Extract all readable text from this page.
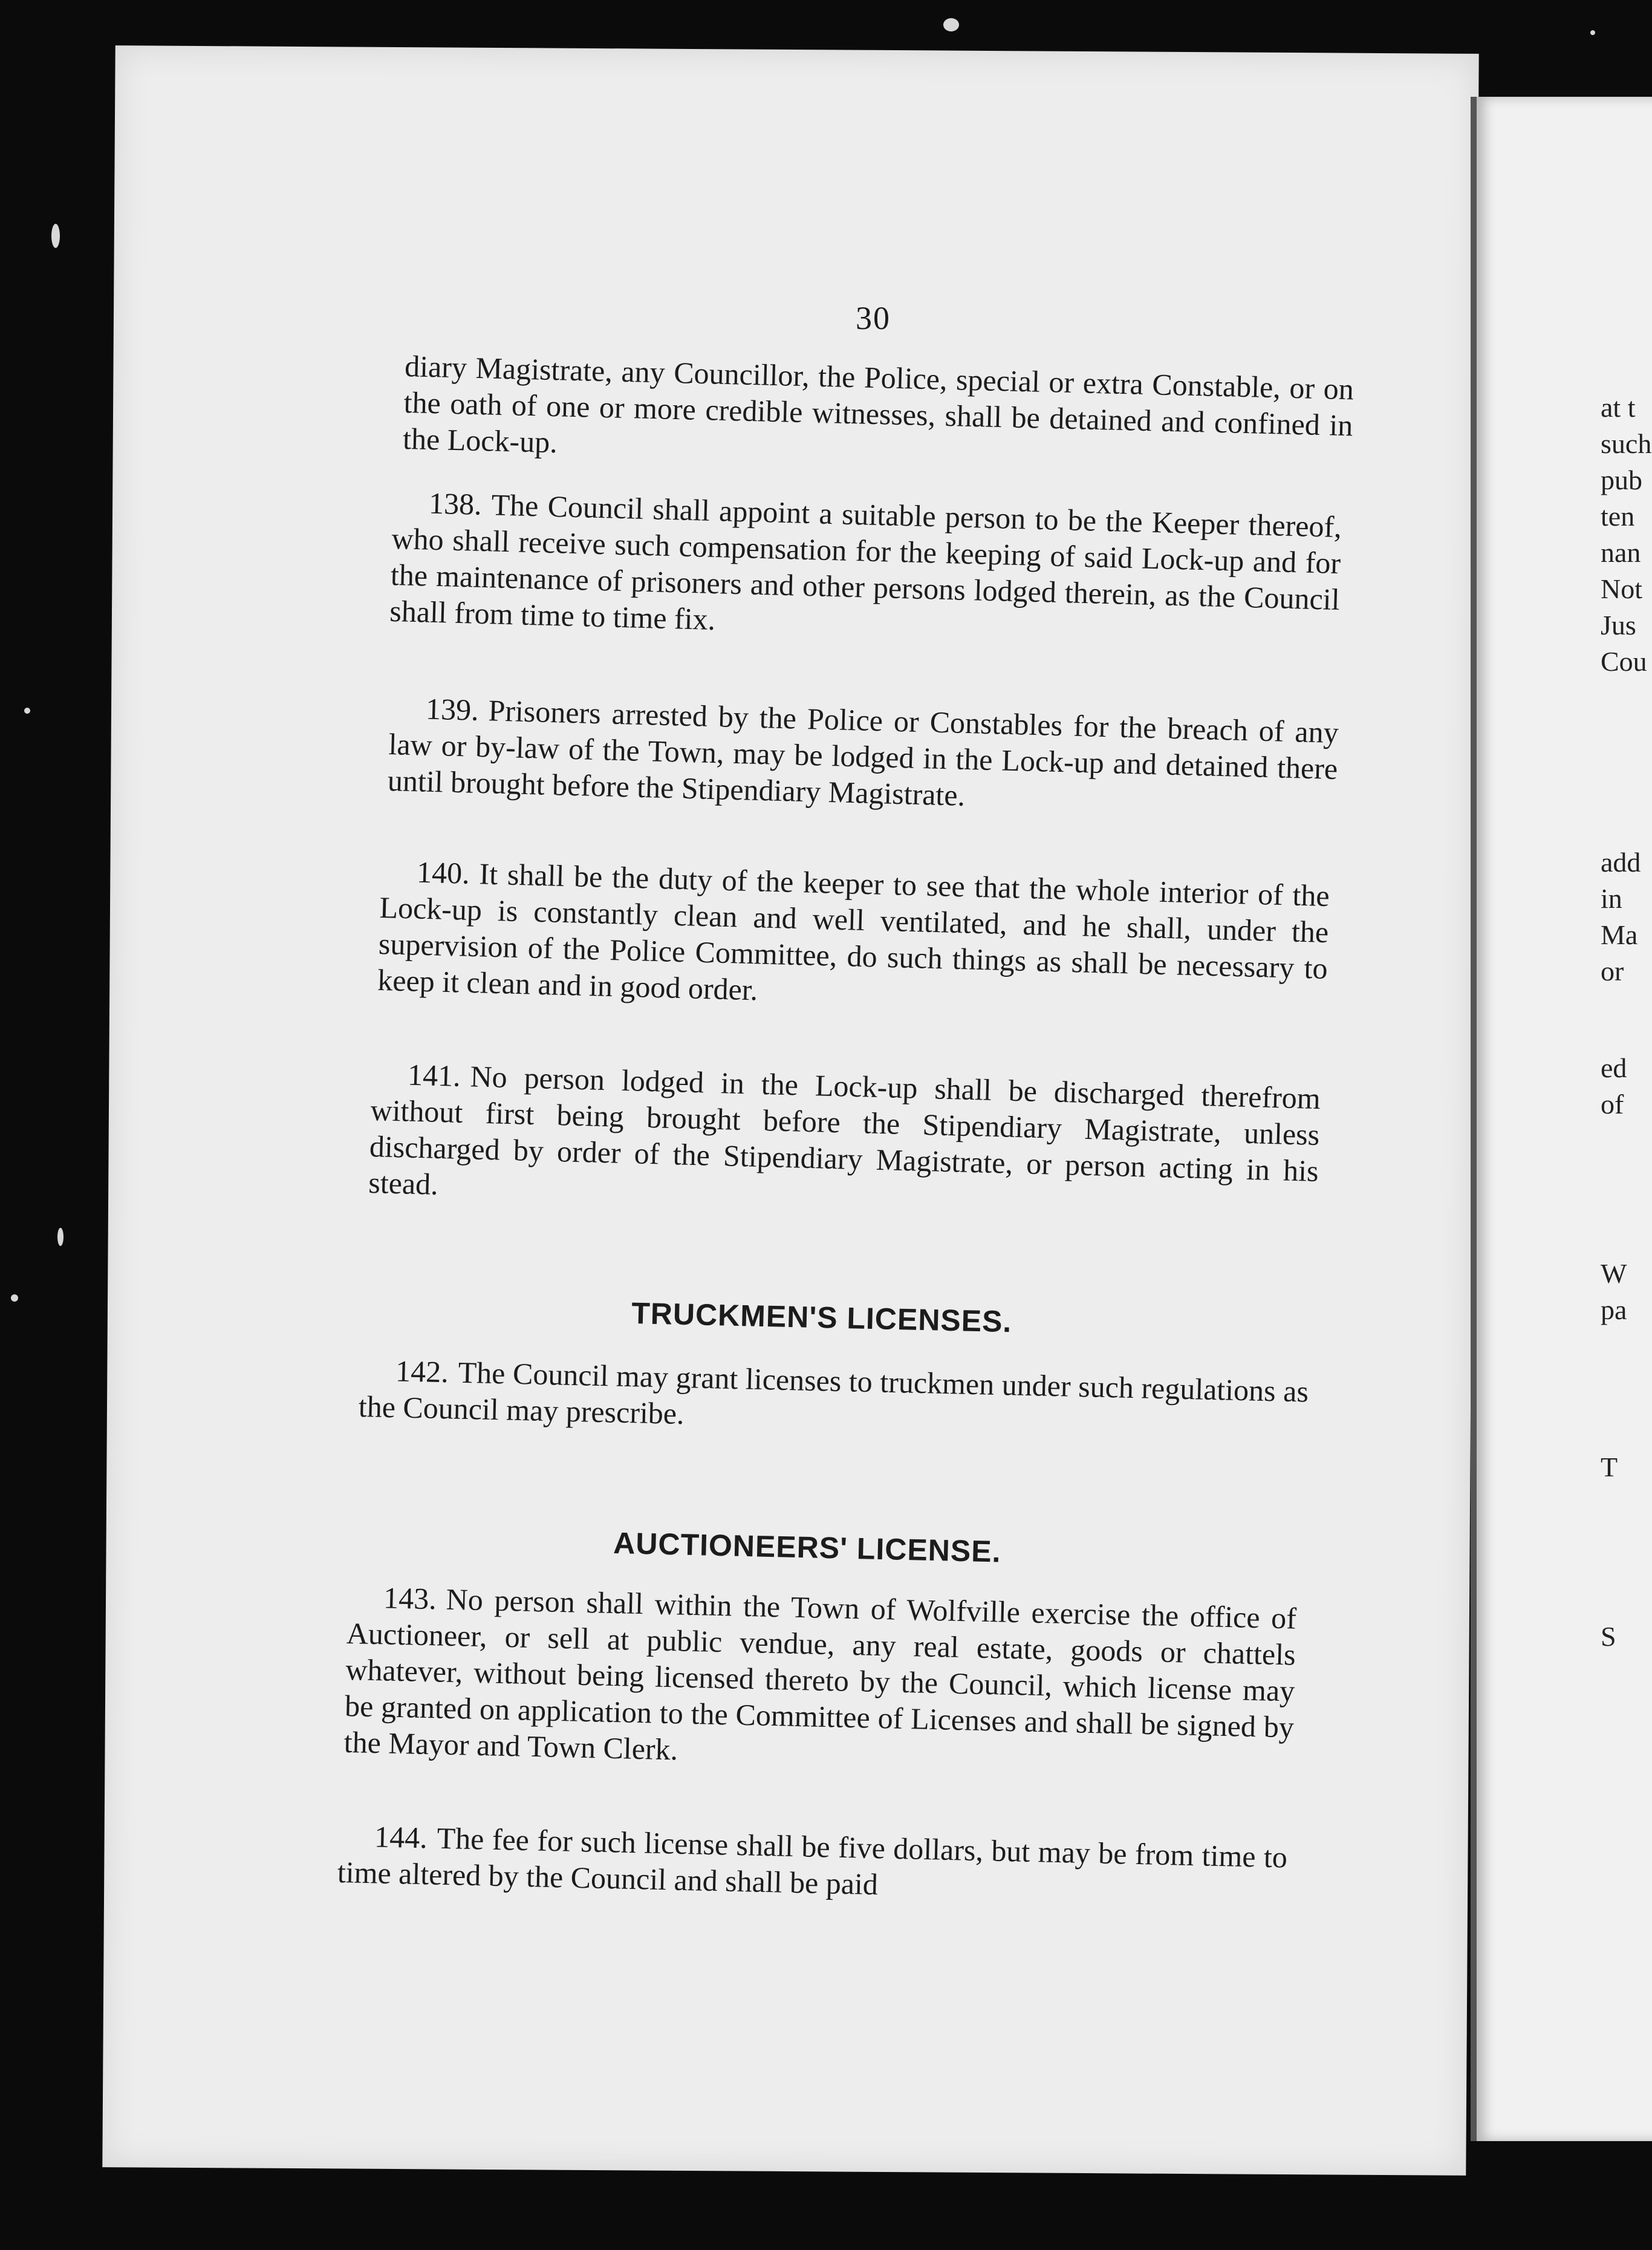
at t
such
pub
ten
nan
Not
Jus
Cou
add
in
Ma
or
ed
of
W
pa
T
S
30
diary Magistrate, any Councillor, the Police, special or extra Constable, or on the oath of one or more credible witnesses, shall be detained and confined in the Lock-up.
138. The Council shall appoint a suitable person to be the Keeper thereof, who shall receive such compensation for the keeping of said Lock-up and for the maintenance of prisoners and other persons lodged therein, as the Council shall from time to time fix.
139. Prisoners arrested by the Police or Constables for the breach of any law or by-law of the Town, may be lodged in the Lock-up and detained there until brought before the Stipendiary Magistrate.
140. It shall be the duty of the keeper to see that the whole interior of the Lock-up is constantly clean and well ventilated, and he shall, under the supervision of the Police Committee, do such things as shall be necessary to keep it clean and in good order.
141. No person lodged in the Lock-up shall be discharged therefrom without first being brought before the Stipendiary Magistrate, unless discharged by order of the Stipendiary Magistrate, or person acting in his stead.
TRUCKMEN'S LICENSES.
142. The Council may grant licenses to truckmen under such regulations as the Council may prescribe.
AUCTIONEERS' LICENSE.
143. No person shall within the Town of Wolfville exercise the office of Auctioneer, or sell at public vendue, any real estate, goods or chattels whatever, without being licensed thereto by the Council, which license may be granted on application to the Committee of Licenses and shall be signed by the Mayor and Town Clerk.
144. The fee for such license shall be five dollars, but may be from time to time altered by the Council and shall be paid
